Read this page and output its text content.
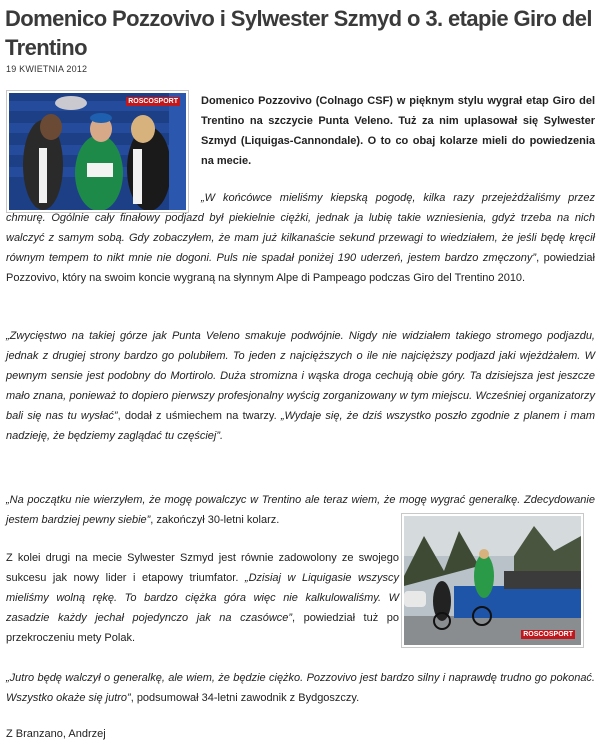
Domenico Pozzovivo i Sylwester Szmyd o 3. etapie Giro del Trentino
19 KWIETNIA 2012
ROSCOSPORT Domenico Pozzovivo (Colnago CSF) w pięknym stylu wygrał etap Giro del Trentino na szczycie Punta Veleno. Tuż za nim uplasował się Sylwester Szmyd (Liquigas-Cannondale). O to co obaj kolarze mieli do powiedzenia na mecie.

„W końcówce mieliśmy kiepską pogodę, kilka razy przejeżdżaliśmy przez chmurę. Ogólnie cały finałowy podjazd był piekielnie ciężki, jednak ja lubię takie wzniesienia, gdyż trzeba na nich walczyć z samym sobą. Gdy zobaczyłem, że mam już kilkanaście sekund przewagi to wiedziałem, że jeśli będę kręcił równym tempem to nikt mnie nie dogoni. Puls nie spadał poniżej 190 uderzeń, jestem bardzo zmęczony”, powiedział Pozzovivo, który na swoim koncie wygraną na słynnym Alpe di Pampeago podczas Giro del Trentino 2010.

„Zwycięstwo na takiej górze jak Punta Veleno smakuje podwójnie. Nigdy nie widziałem takiego stromego podjazdu, jednak z drugiej strony bardzo go polubiłem. To jeden z najcięższych o ile nie najcięższy podjazd jaki wjeżdżałem. W pewnym sensie jest podobny do Mortirolo. Duża stromizna i wąska droga cechują obie góry. Ta dzisiejsza jest jeszcze mało znana, ponieważ to dopiero pierwszy profesjonalny wyścig zorganizowany w tym miejscu. Wcześniej organizatorzy bali się nas tu wysłać”, dodał z uśmiechem na twarzy. „Wydaje się, że dziś wszystko poszło zgodnie z planem i mam nadzieję, że będziemy zaglądać tu częściej”.

„Na początku nie wierzyłem, że mogę powalczyc w Trentino ale teraz wiem, że mogę wygrać generalkę. Zdecydowanie jestem bardziej pewny siebie”, zakończył 30-letni kolarz.

ROSCOSPORT

Z kolei drugi na mecie Sylwester Szmyd jest równie zadowolony ze swojego sukcesu jak nowy lider i etapowy triumfator. „Dzisiaj w Liquigasie wszyscy mieliśmy wolną rękę. To bardzo ciężka góra więc nie kalkulowaliśmy. W zasadzie każdy jechał pojedynczo jak na czasówce”, powiedział tuż po przekroczeniu mety Polak.

„Jutro będę walczył o generalkę, ale wiem, że będzie ciężko. Pozzovivo jest bardzo silny i naprawdę trudno go pokonać. Wszystko okaże się jutro”, podsumował 34-letni zawodnik z Bydgoszczy.

Z Branzano, Andrzej
